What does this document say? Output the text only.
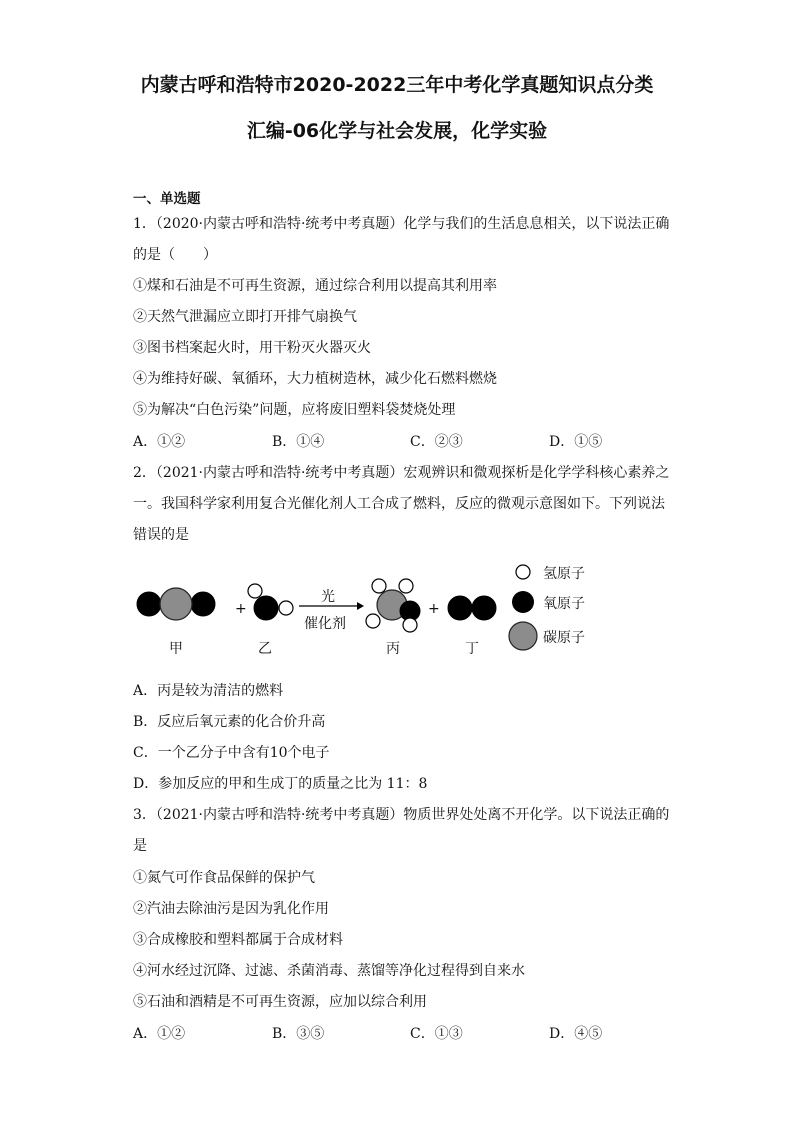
内蒙古呼和浩特市2020-2022三年中考化学真题知识点分类
汇编-06化学与社会发展，化学实验
一、单选题
1．（2020·内蒙古呼和浩特·统考中考真题）化学与我们的生活息息相关，以下说法正确
的是（　　）
①煤和石油是不可再生资源，通过综合利用以提高其利用率
②天然气泄漏应立即打开排气扇换气
③图书档案起火时，用干粉灭火器灭火
④为维持好碳、氧循环，大力植树造林，减少化石燃料燃烧
⑤为解决“白色污染”问题，应将废旧塑料袋焚烧处理
A．①②	B．①④	C．②③	D．①⑤
2．（2021·内蒙古呼和浩特·统考中考真题）宏观辨识和微观探析是化学学科核心素养之
一。我国科学家利用复合光催化剂人工合成了燃料，反应的微观示意图如下。下列说法
错误的是
+
光
催化剂
+
甲	乙	丙	丁
氢原子
氧原子
碳原子
A．丙是较为清洁的燃料
B．反应后氧元素的化合价升高
C．一个乙分子中含有10个电子
D．参加反应的甲和生成丁的质量之比为 11：8
3．（2021·内蒙古呼和浩特·统考中考真题）物质世界处处离不开化学。以下说法正确的
是
①氮气可作食品保鲜的保护气
②汽油去除油污是因为乳化作用
③合成橡胶和塑料都属于合成材料
④河水经过沉降、过滤、杀菌消毒、蒸馏等净化过程得到自来水
⑤石油和酒精是不可再生资源，应加以综合利用
A．①②	B．③⑤	C．①③	D．④⑤
